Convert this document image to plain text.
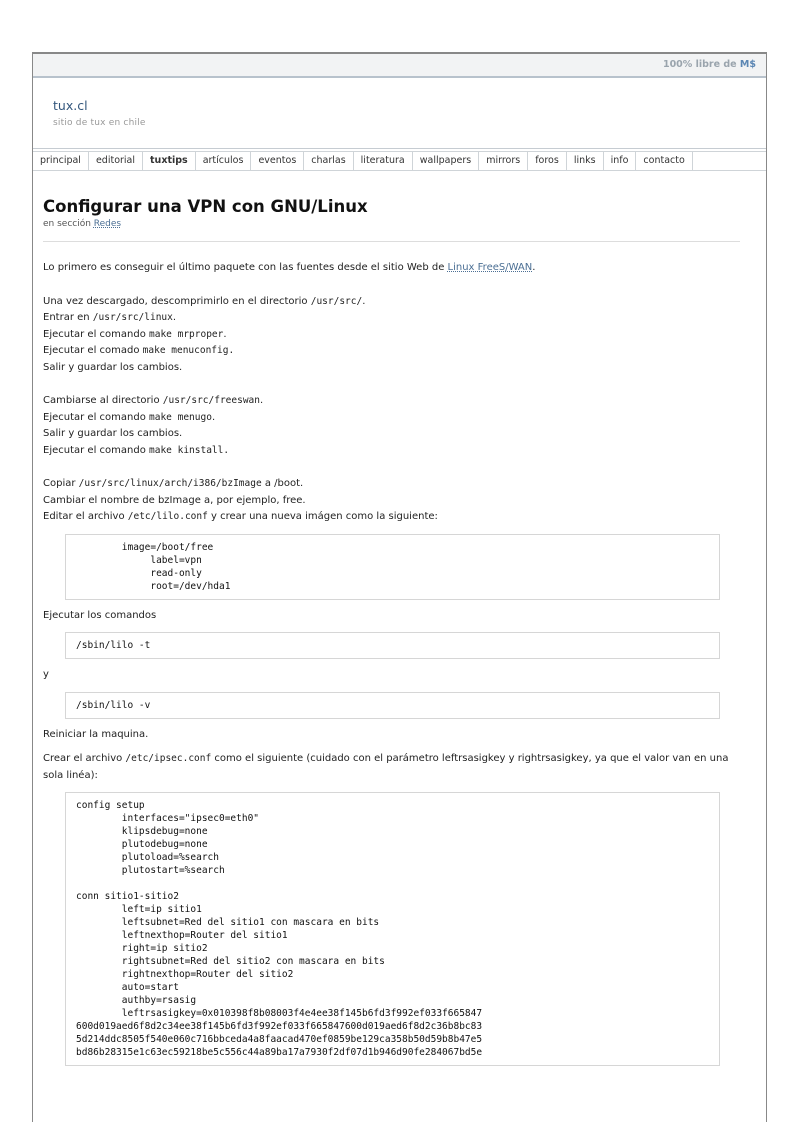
100% libre de M$
tux.cl
sitio de tux en chile
principal	editorial	tuxtips	artículos	eventos	charlas	literatura	wallpapers	mirrors	foros	links	info	contacto
Configurar una VPN con GNU/Linux
en sección Redes

Lo primero es conseguir el último paquete con las fuentes desde el sitio Web de Linux FreeS/WAN.

Una vez descargado, descomprimirlo en el directorio /usr/src/.

Entrar en /usr/src/linux.

Ejecutar el comando make mrproper.

Ejecutar el comado make menuconfig.

Salir y guardar los cambios.

Cambiarse al directorio /usr/src/freeswan.

Ejecutar el comando make menugo.

Salir y guardar los cambios.

Ejecutar el comando make kinstall.

Copiar /usr/src/linux/arch/i386/bzImage a /boot.

Cambiar el nombre de bzImage a, por ejemplo, free.

Editar el archivo /etc/lilo.conf y crear una nueva imágen como la siguiente:

image=/boot/free
label=vpn
read-only
root=/dev/hda1

Ejecutar los comandos

/sbin/lilo -t

y

/sbin/lilo -v

Reiniciar la maquina.

Crear el archivo /etc/ipsec.conf como el siguiente (cuidado con el parámetro leftrsasigkey y rightrsasigkey, ya que el valor van en una sola linéa):

config setup
interfaces="ipsec0=eth0"
klipsdebug=none
plutodebug=none
plutoload=%search
plutostart=%search

conn sitio1-sitio2
left=ip sitio1
leftsubnet=Red del sitio1 con mascara en bits
leftnexthop=Router del sitio1
right=ip sitio2
rightsubnet=Red del sitio2 con mascara en bits
rightnexthop=Router del sitio2
auto=start
authby=rsasig
leftrsasigkey=0x010398f8b08003f4e4ee38f145b6fd3f992ef033f665847
600d019aed6f8d2c34ee38f145b6fd3f992ef033f665847600d019aed6f8d2c36b8bc83
5d214ddc8505f540e060c716bbceda4a8faacad470ef0859be129ca358b50d59b8b47e5
bd86b28315e1c63ec59218be5c556c44a89ba17a7930f2df07d1b946d90fe284067bd5e
